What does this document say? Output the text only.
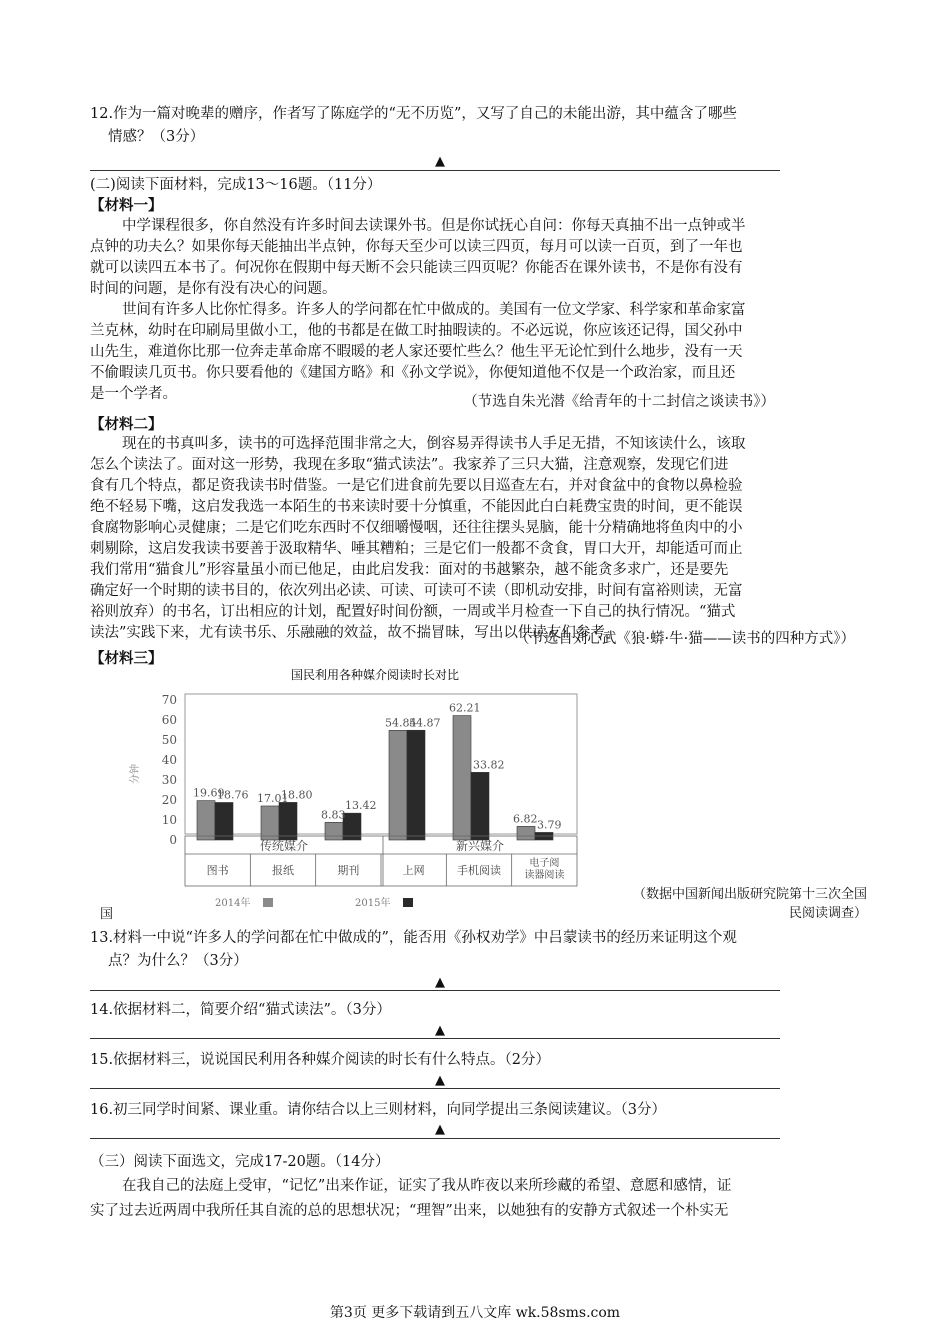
12.作为一篇对晚辈的赠序，作者写了陈庭学的“无不历览”，又写了自己的未能出游，其中蕴含了哪些
情感？（3分）
▲
(二)阅读下面材料，完成13～16题。（11分）
【材料一】
中学课程很多，你自然没有许多时间去读课外书。但是你试抚心自问：你每天真抽不出一点钟或半
点钟的功夫么？如果你每天能抽出半点钟，你每天至少可以读三四页，每月可以读一百页，到了一年也
就可以读四五本书了。何况你在假期中每天断不会只能读三四页呢？你能否在课外读书，不是你有没有
时间的问题，是你有没有决心的问题。
世间有许多人比你忙得多。许多人的学问都在忙中做成的。美国有一位文学家、科学家和革命家富
兰克林，幼时在印刷局里做小工，他的书都是在做工时抽暇读的。不必远说，你应该还记得，国父孙中
山先生，难道你比那一位奔走革命席不暇暖的老人家还要忙些么？他生平无论忙到什么地步，没有一天
不偷暇读几页书。你只要看他的《建国方略》和《孙文学说》，你便知道他不仅是一个政治家，而且还
是一个学者。	（节选自朱光潜《给青年的十二封信之谈读书》）
【材料二】
现在的书真叫多，读书的可选择范围非常之大，倒容易弄得读书人手足无措，不知该读什么，该取
怎么个读法了。面对这一形势，我现在多取“猫式读法”。我家养了三只大猫，注意观察，发现它们进
食有几个特点，都足资我读书时借鉴。一是它们进食前先要以目巡查左右，并对食盆中的食物以鼻检验
绝不轻易下嘴，这启发我选一本陌生的书来读时要十分慎重，不能因此白白耗费宝贵的时间，更不能误
食腐物影响心灵健康；二是它们吃东西时不仅细嚼慢咽，还往往摆头晃脑，能十分精确地将鱼肉中的小
刺剔除，这启发我读书要善于汲取精华、唾其糟粕；三是它们一般都不贪食，胃口大开，却能适可而止
我们常用“猫食儿”形容量虽小而已他足，由此启发我：面对的书越繁杂，越不能贪多求广，还是要先
确定好一个时期的读书目的，依次列出必读、可读、可读可不读（即机动安排，时间有富裕则读，无富
裕则放弃）的书名，订出相应的计划，配置好时间份额，一周或半月检查一下自己的执行情况。“猫式
读法”实践下来，尤有读书乐、乐融融的效益，故不揣冒昧，写出以供读友们参考。
（节选自刘心武《狼·蟒·牛·猫——读书的四种方式》）
【材料三】
国民利用各种媒介阅读时长对比
分钟
70
60
50
40
30
20
10
0
19.69
18.76 17.01
18.80
8.83
13.42
54.84
54.87
62.21
33.82
6.82 3.79
传统媒介	新兴媒介
图书	报纸	期刊	上网	手机阅读
电子阅
读器阅读
2014年	2015年
（数据中国新闻出版研究院第十三次全国
民阅读调查）
国
13.材料一中说“许多人的学问都在忙中做成的”，能否用《孙权劝学》中吕蒙读书的经历来证明这个观
点？为什么？（3分）
▲
14.依据材料二，简要介绍“猫式读法”。（3分）
▲
15.依据材料三，说说国民利用各种媒介阅读的时长有什么特点。（2分）
▲
16.初三同学时间紧、课业重。请你结合以上三则材料，向同学提出三条阅读建议。（3分）
▲
（三）阅读下面选文，完成17-20题。（14分）
在我自己的法庭上受审，“记忆”出来作证，证实了我从昨夜以来所珍藏的希望、意愿和感情，证
实了过去近两周中我所任其自流的总的思想状况；“理智”出来，以她独有的安静方式叙述一个朴实无
第3页 更多下载请到五八文库 wk.58sms.com
